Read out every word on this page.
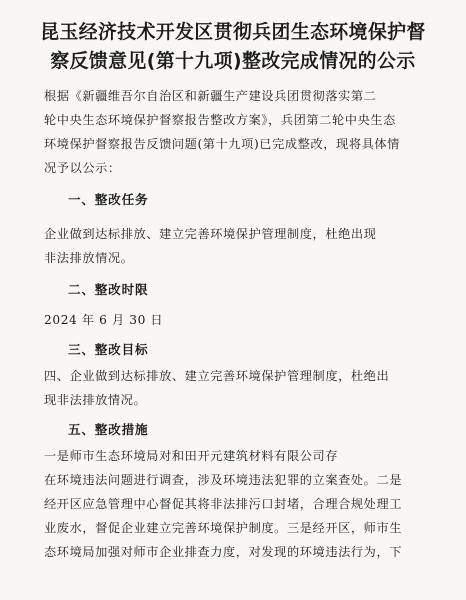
昆玉经济技术开发区贯彻兵团生态环境保护督
察反馈意见(第十九项)整改完成情况的公示
根据《新疆维吾尔自治区和新疆生产建设兵团贯彻落实第二
轮中央生态环境保护督察报告整改方案》，兵团第二轮中央生态
环境保护督察报告反馈问题(第十九项)已完成整改，现将具体情
况予以公示：
一、整改任务
企业做到达标排放、建立完善环境保护管理制度，杜绝出现
非法排放情况。
二、整改时限
2024 年 6 月 30 日
三、整改目标
四、企业做到达标排放、建立完善环境保护管理制度，杜绝出
现非法排放情况。
五、整改措施
一是师市生态环境局对和田开元建筑材料有限公司存
在环境违法问题进行调查，涉及环境违法犯罪的立案查处。二是
经开区应急管理中心督促其将非法排污口封堵，合理合规处理工
业废水，督促企业建立完善环境保护制度。三是经开区，师市生
态环境局加强对师市企业排查力度，对发现的环境违法行为，下
